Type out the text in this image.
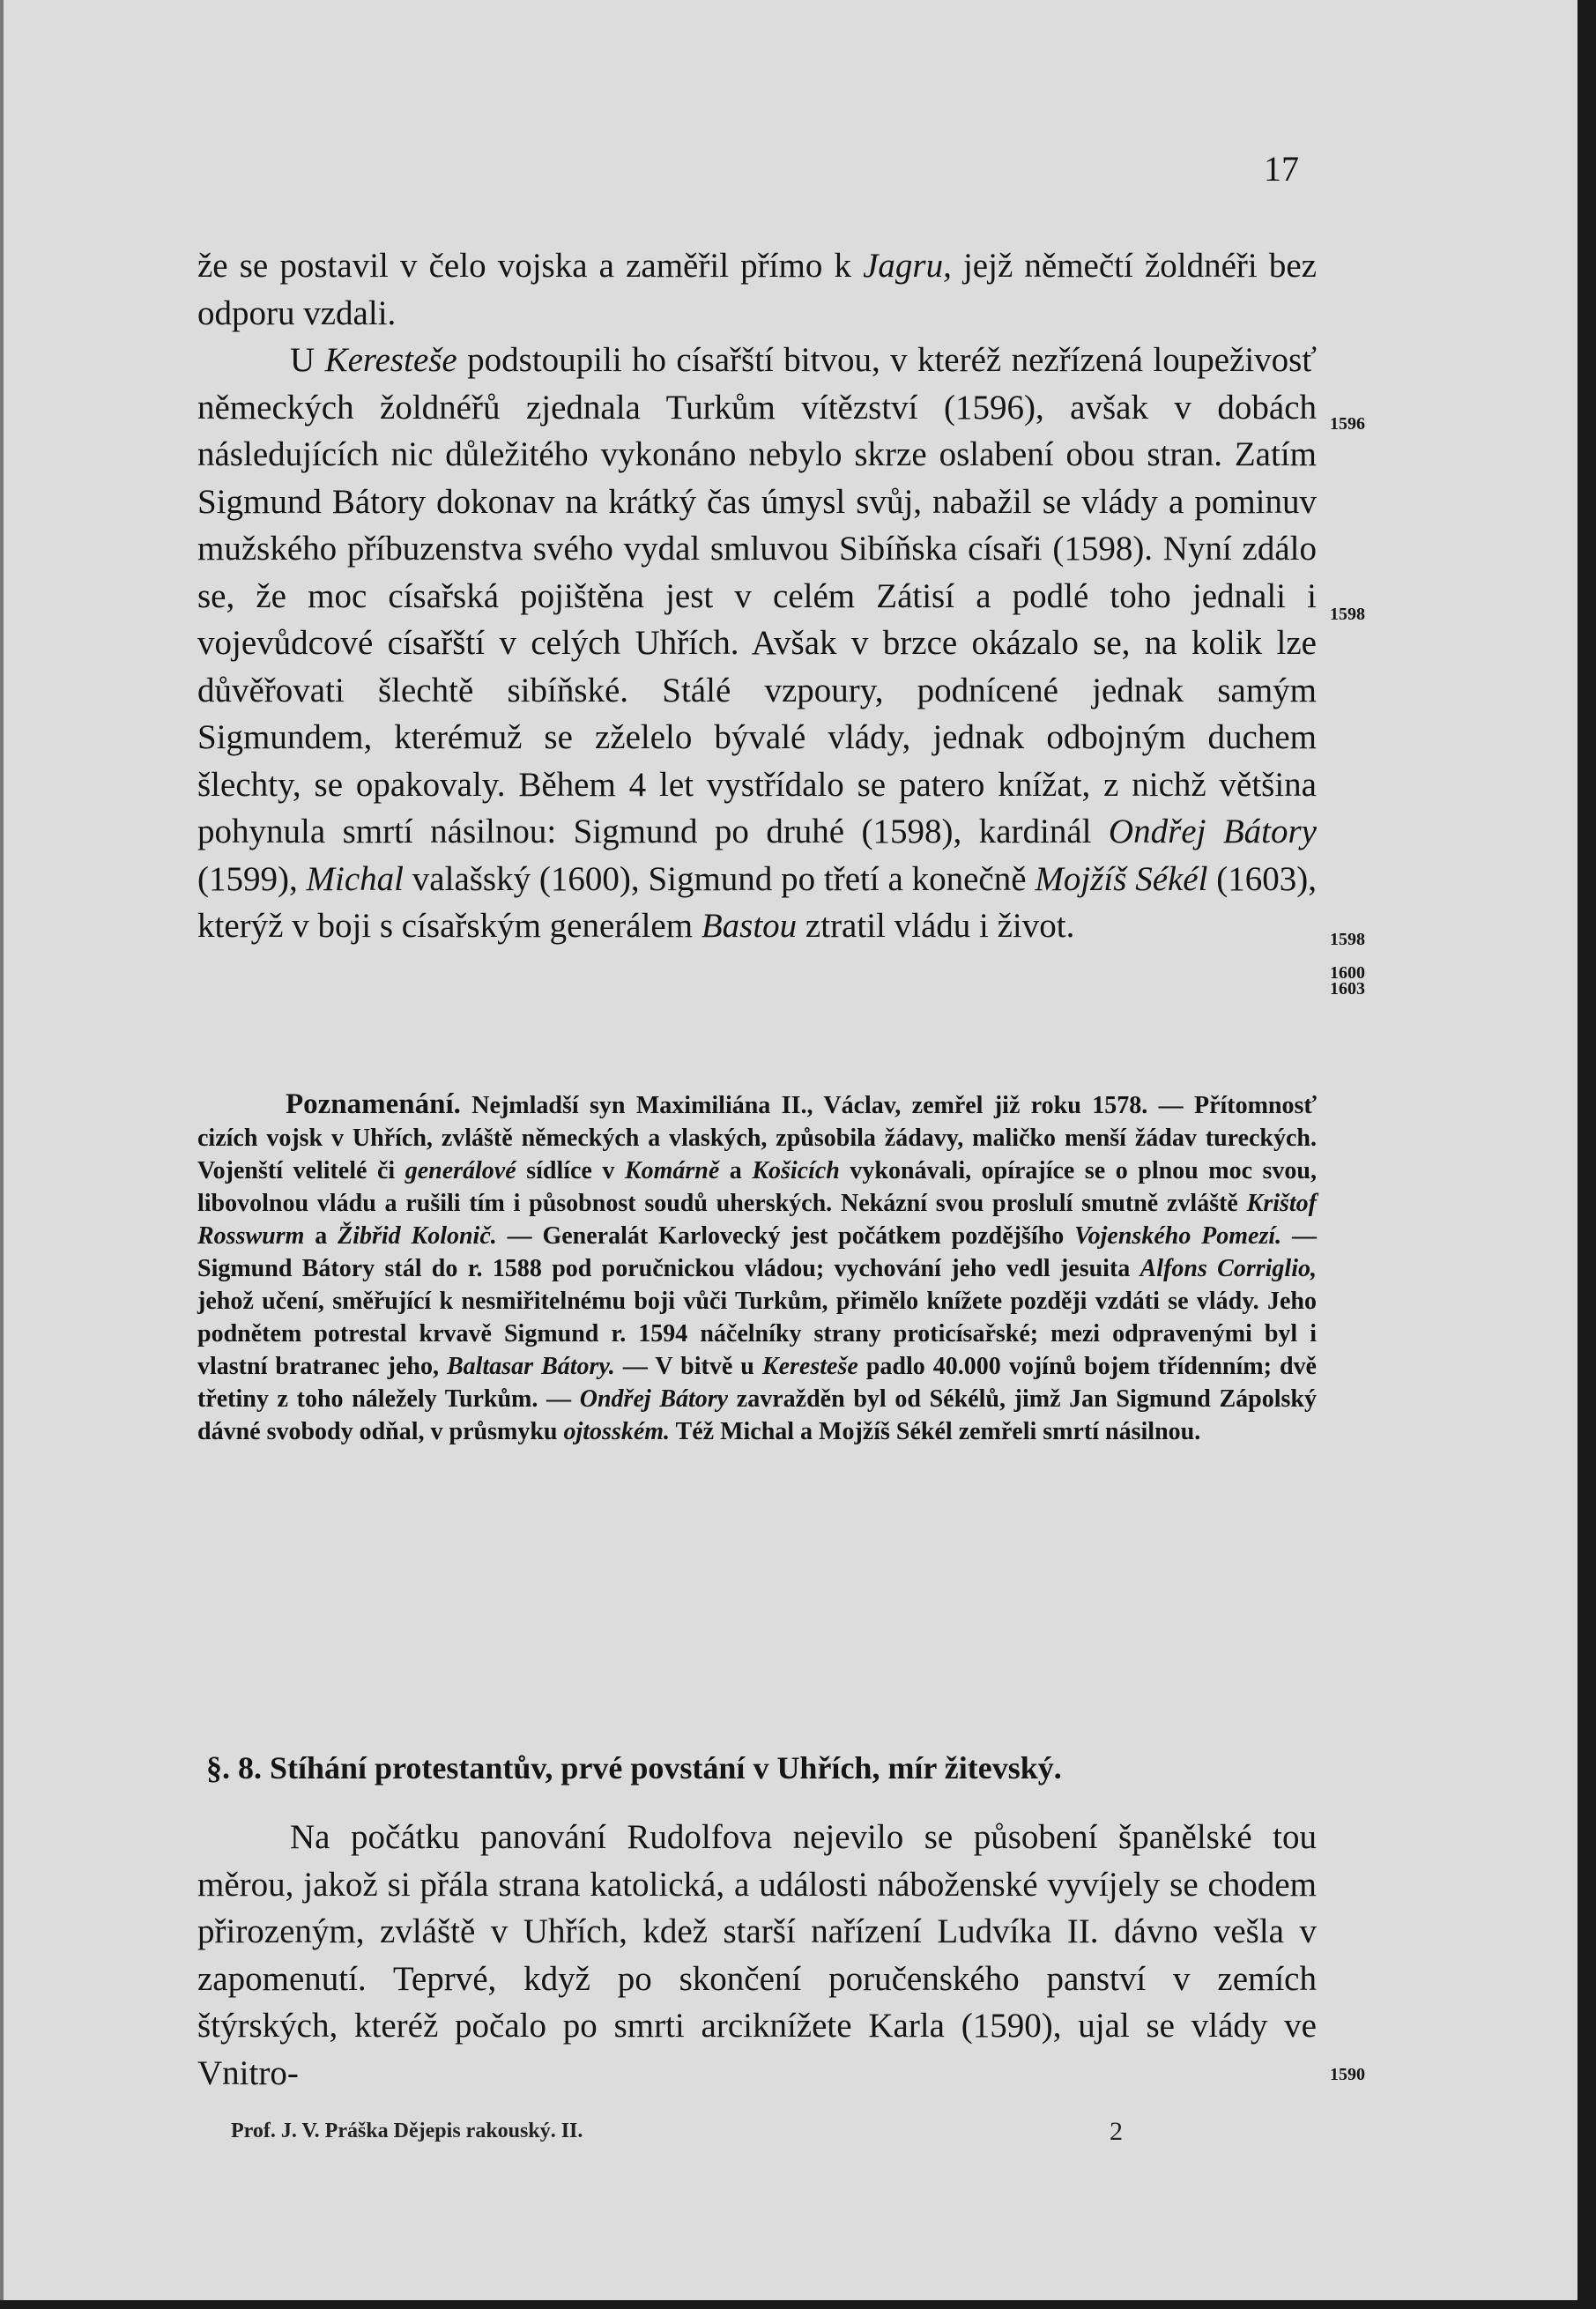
17

že se postavil v čelo vojska a zaměřil přímo k Jagru, jejž němečtí žoldnéři bez odporu vzdali.

U Keresteše podstoupili ho císařští bitvou, v kteréž nezřízená loupeživosť německých žoldnéřů zjednala Turkům vítězství (1596), avšak v dobách následujících nic důležitého vykonáno nebylo skrze oslabení obou stran. Zatím Sigmund Bátory dokonav na krátký čas úmysl svůj, nabažil se vlády a pominuv mužského příbuzenstva svého vydal smluvou Sibíňska císaři (1598). Nyní zdálo se, že moc císařská pojištěna jest v celém Zátisí a podlé toho jednali i vojevůdcové císařští v celých Uhřích. Avšak v brzce okázalo se, na kolik lze důvěřovati šlechtě sibíňské. Stálé vzpoury, podnícené jednak samým Sigmundem, kterémuž se zželelo bývalé vlády, jednak odbojným duchem šlechty, se opakovaly. Během 4 let vystřídalo se patero knížat, z nichž většina pohynula smrtí násilnou: Sigmund po druhé (1598), kardinál Ondřej Bátory (1599), Michal valašský (1600), Sigmund po třetí a konečně Mojžíš Sékél (1603), kterýž v boji s císařským generálem Bastou ztratil vládu i život.

1596
1598
1598
1600
1603
Poznamenání. Nejmladší syn Maximiliána II., Václav, zemřel již roku 1578. — Přítomnosť cizích vojsk v Uhřích, zvláště německých a vlaských, způsobila žádavy, maličko menší žádav tureckých. Vojenští velitelé či generálové sídlíce v Komárně a Košicích vykonávali, opírajíce se o plnou moc svou, libovolnou vládu a rušili tím i působnost soudů uherských. Nekázní svou proslulí smutně zvláště Krištof Rosswurm a Žibřid Kolonič. — Generalát Karlovecký jest počátkem pozdějšího Vojenského Pomezí. — Sigmund Bátory stál do r. 1588 pod poručnickou vládou; vychování jeho vedl jesuita Alfons Corriglio, jehož učení, směřující k nesmiřitelnému boji vůči Turkům, přimělo knížete později vzdáti se vlády. Jeho podnětem potrestal krvavě Sigmund r. 1594 náčelníky strany proticísařské; mezi odpravenými byl i vlastní bratranec jeho, Baltasar Bátory. — V bitvě u Keresteše padlo 40.000 vojínů bojem třídenním; dvě třetiny z toho náležely Turkům. — Ondřej Bátory zavražděn byl od Sékélů, jimž Jan Sigmund Zápolský dávné svobody odňal, v průsmyku ojtosském. Též Michal a Mojžíš Sékél zemřeli smrtí násilnou.
§. 8. Stíhání protestantův, prvé povstání v Uhřích, mír žitevský.

Na počátku panování Rudolfova nejevilo se působení španělské tou měrou, jakož si přála strana katolická, a události náboženské vyvíjely se chodem přirozeným, zvláště v Uhřích, kdež starší nařízení Ludvíka II. dávno vešla v zapomenutí. Teprvé, když po skončení poručenského panství v zemích štýrských, kteréž počalo po smrti arciknížete Karla (1590), ujal se vlády ve Vnitro-	1590
Prof. J. V. Práška Dějepis rakouský. II.	2
